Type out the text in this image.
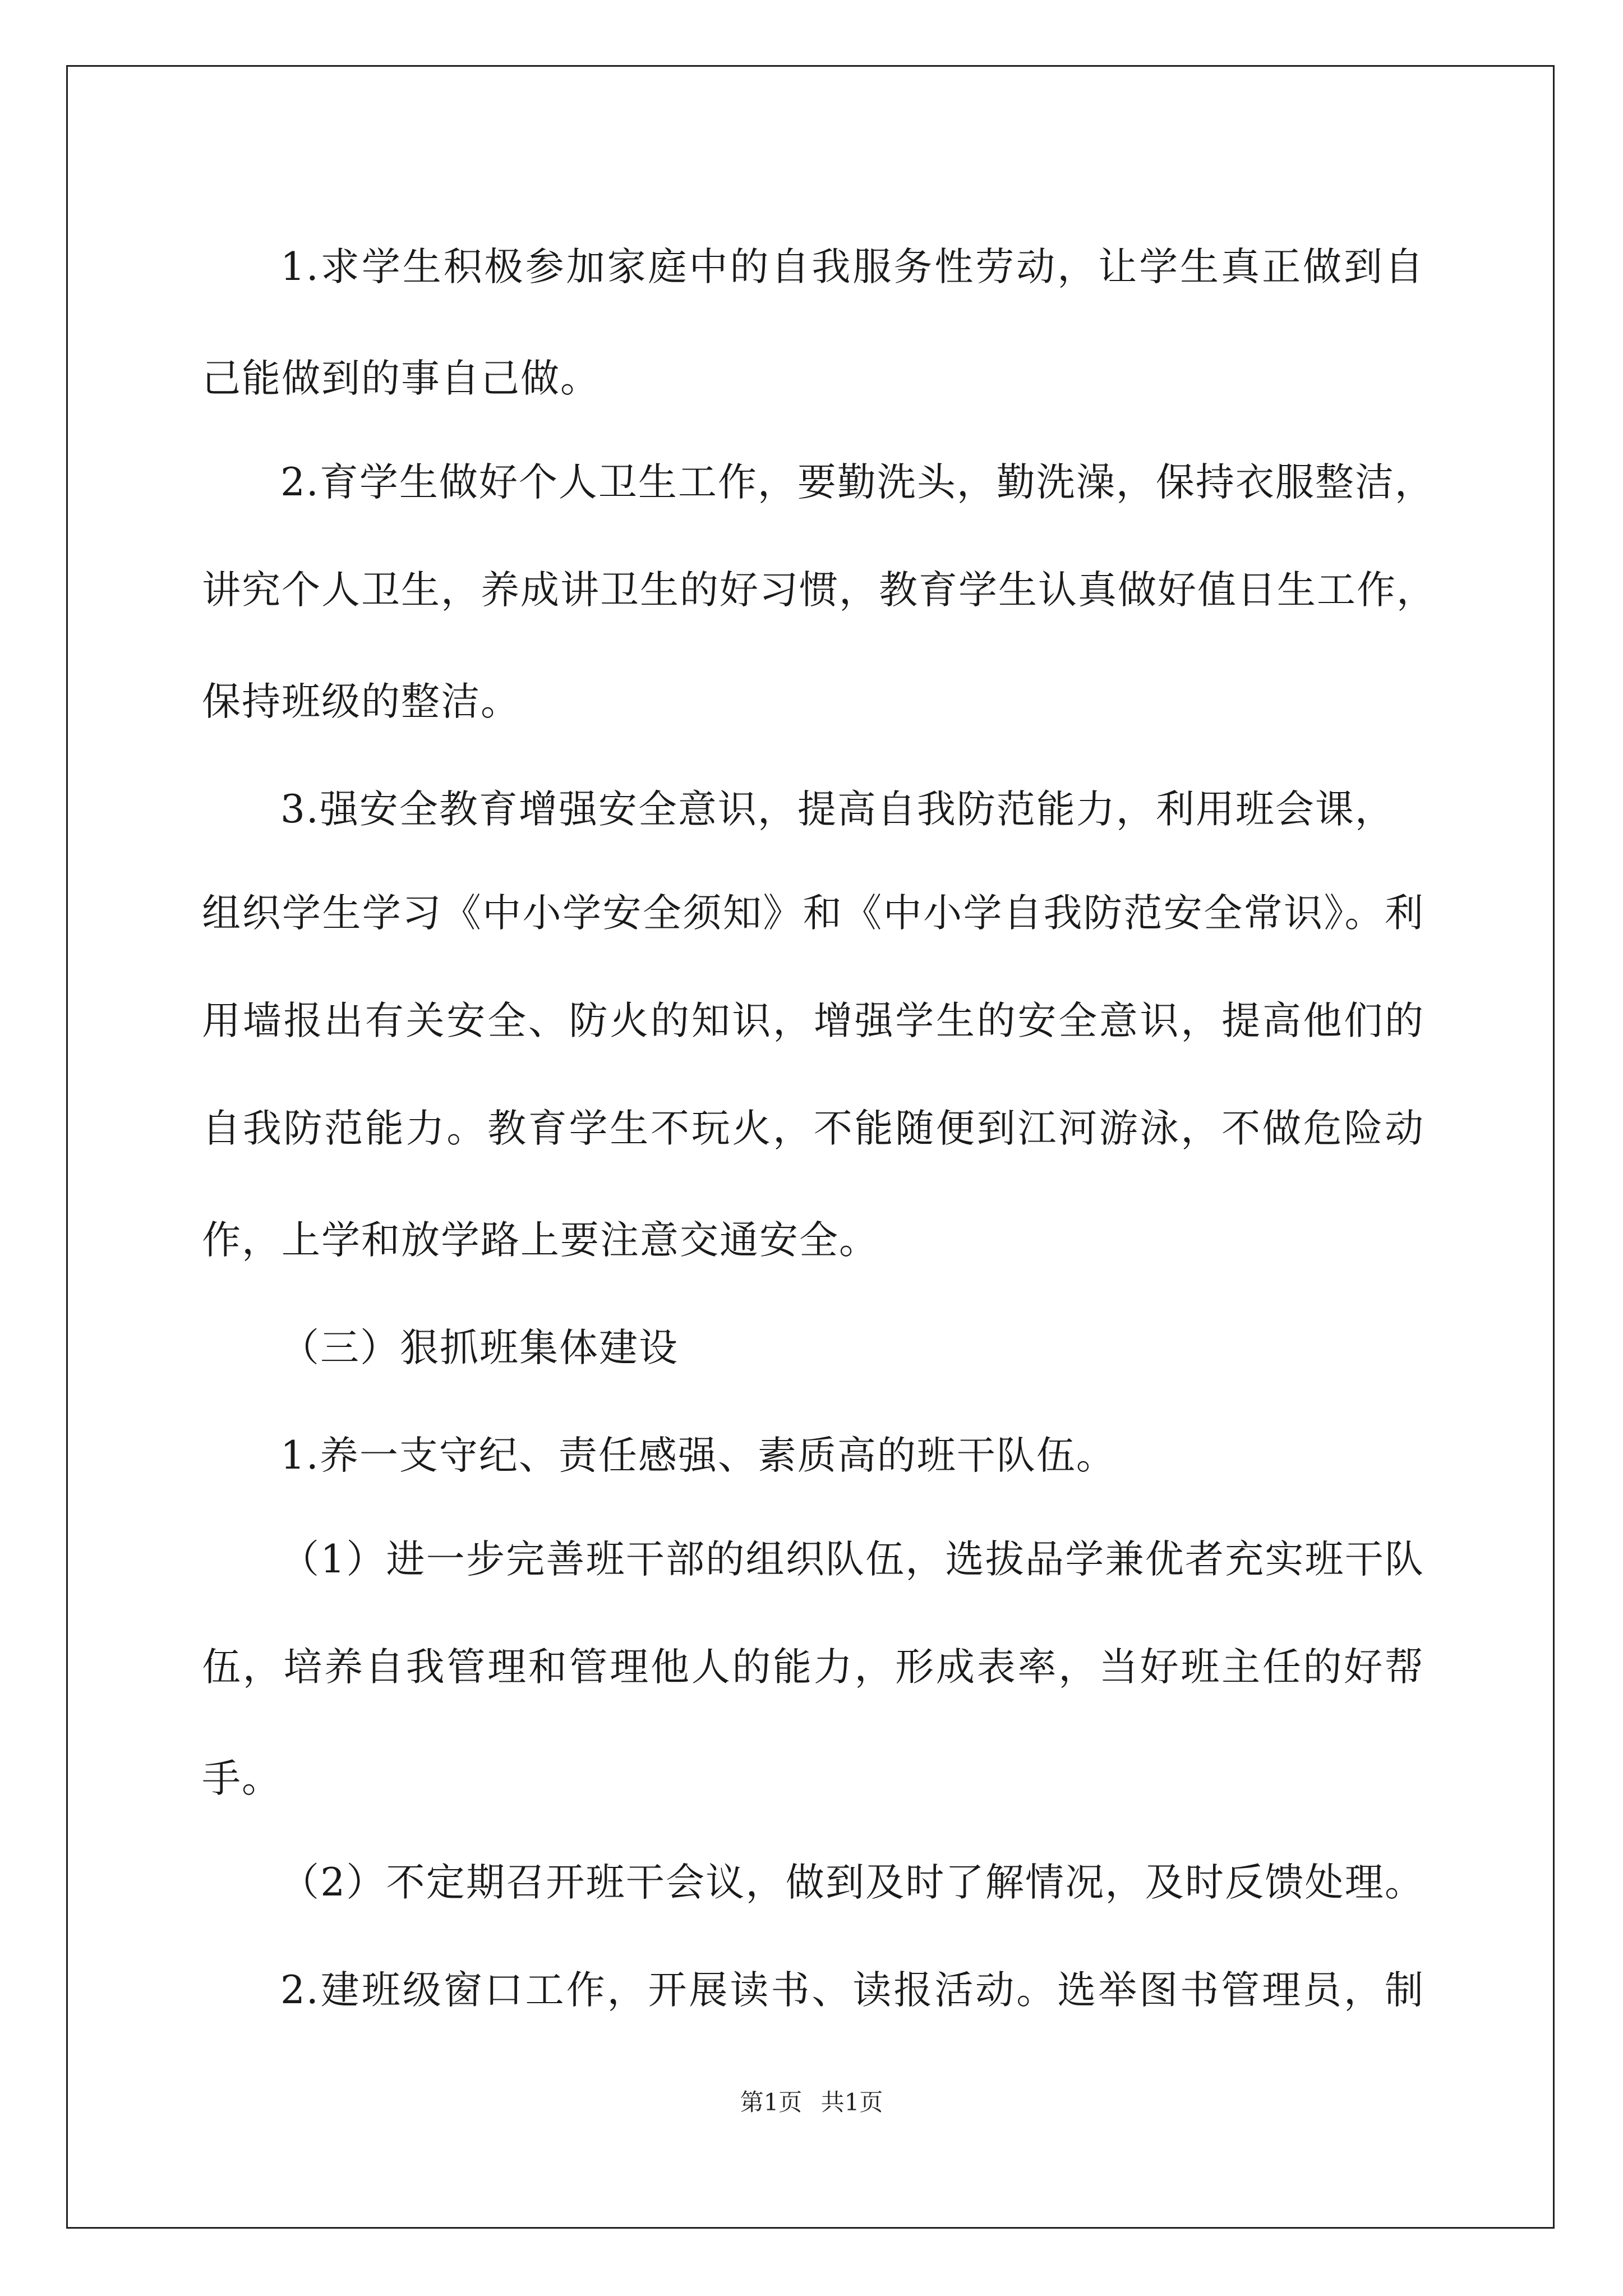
1.求学生积极参加家庭中的自我服务性劳动，让学生真正做到自
己能做到的事自己做。
2.育学生做好个人卫生工作，要勤洗头，勤洗澡，保持衣服整洁，
讲究个人卫生，养成讲卫生的好习惯，教育学生认真做好值日生工作，
保持班级的整洁。
3.强安全教育增强安全意识，提高自我防范能力，利用班会课，
组织学生学习《中小学安全须知》和《中小学自我防范安全常识》。利
用墙报出有关安全、防火的知识，增强学生的安全意识，提高他们的
自我防范能力。教育学生不玩火，不能随便到江河游泳，不做危险动
作，上学和放学路上要注意交通安全。
（三）狠抓班集体建设
1.养一支守纪、责任感强、素质高的班干队伍。
（1）进一步完善班干部的组织队伍，选拔品学兼优者充实班干队
伍，培养自我管理和管理他人的能力，形成表率，当好班主任的好帮
手。
（2）不定期召开班干会议，做到及时了解情况，及时反馈处理。
2.建班级窗口工作，开展读书、读报活动。选举图书管理员，制
第1页 共1页
